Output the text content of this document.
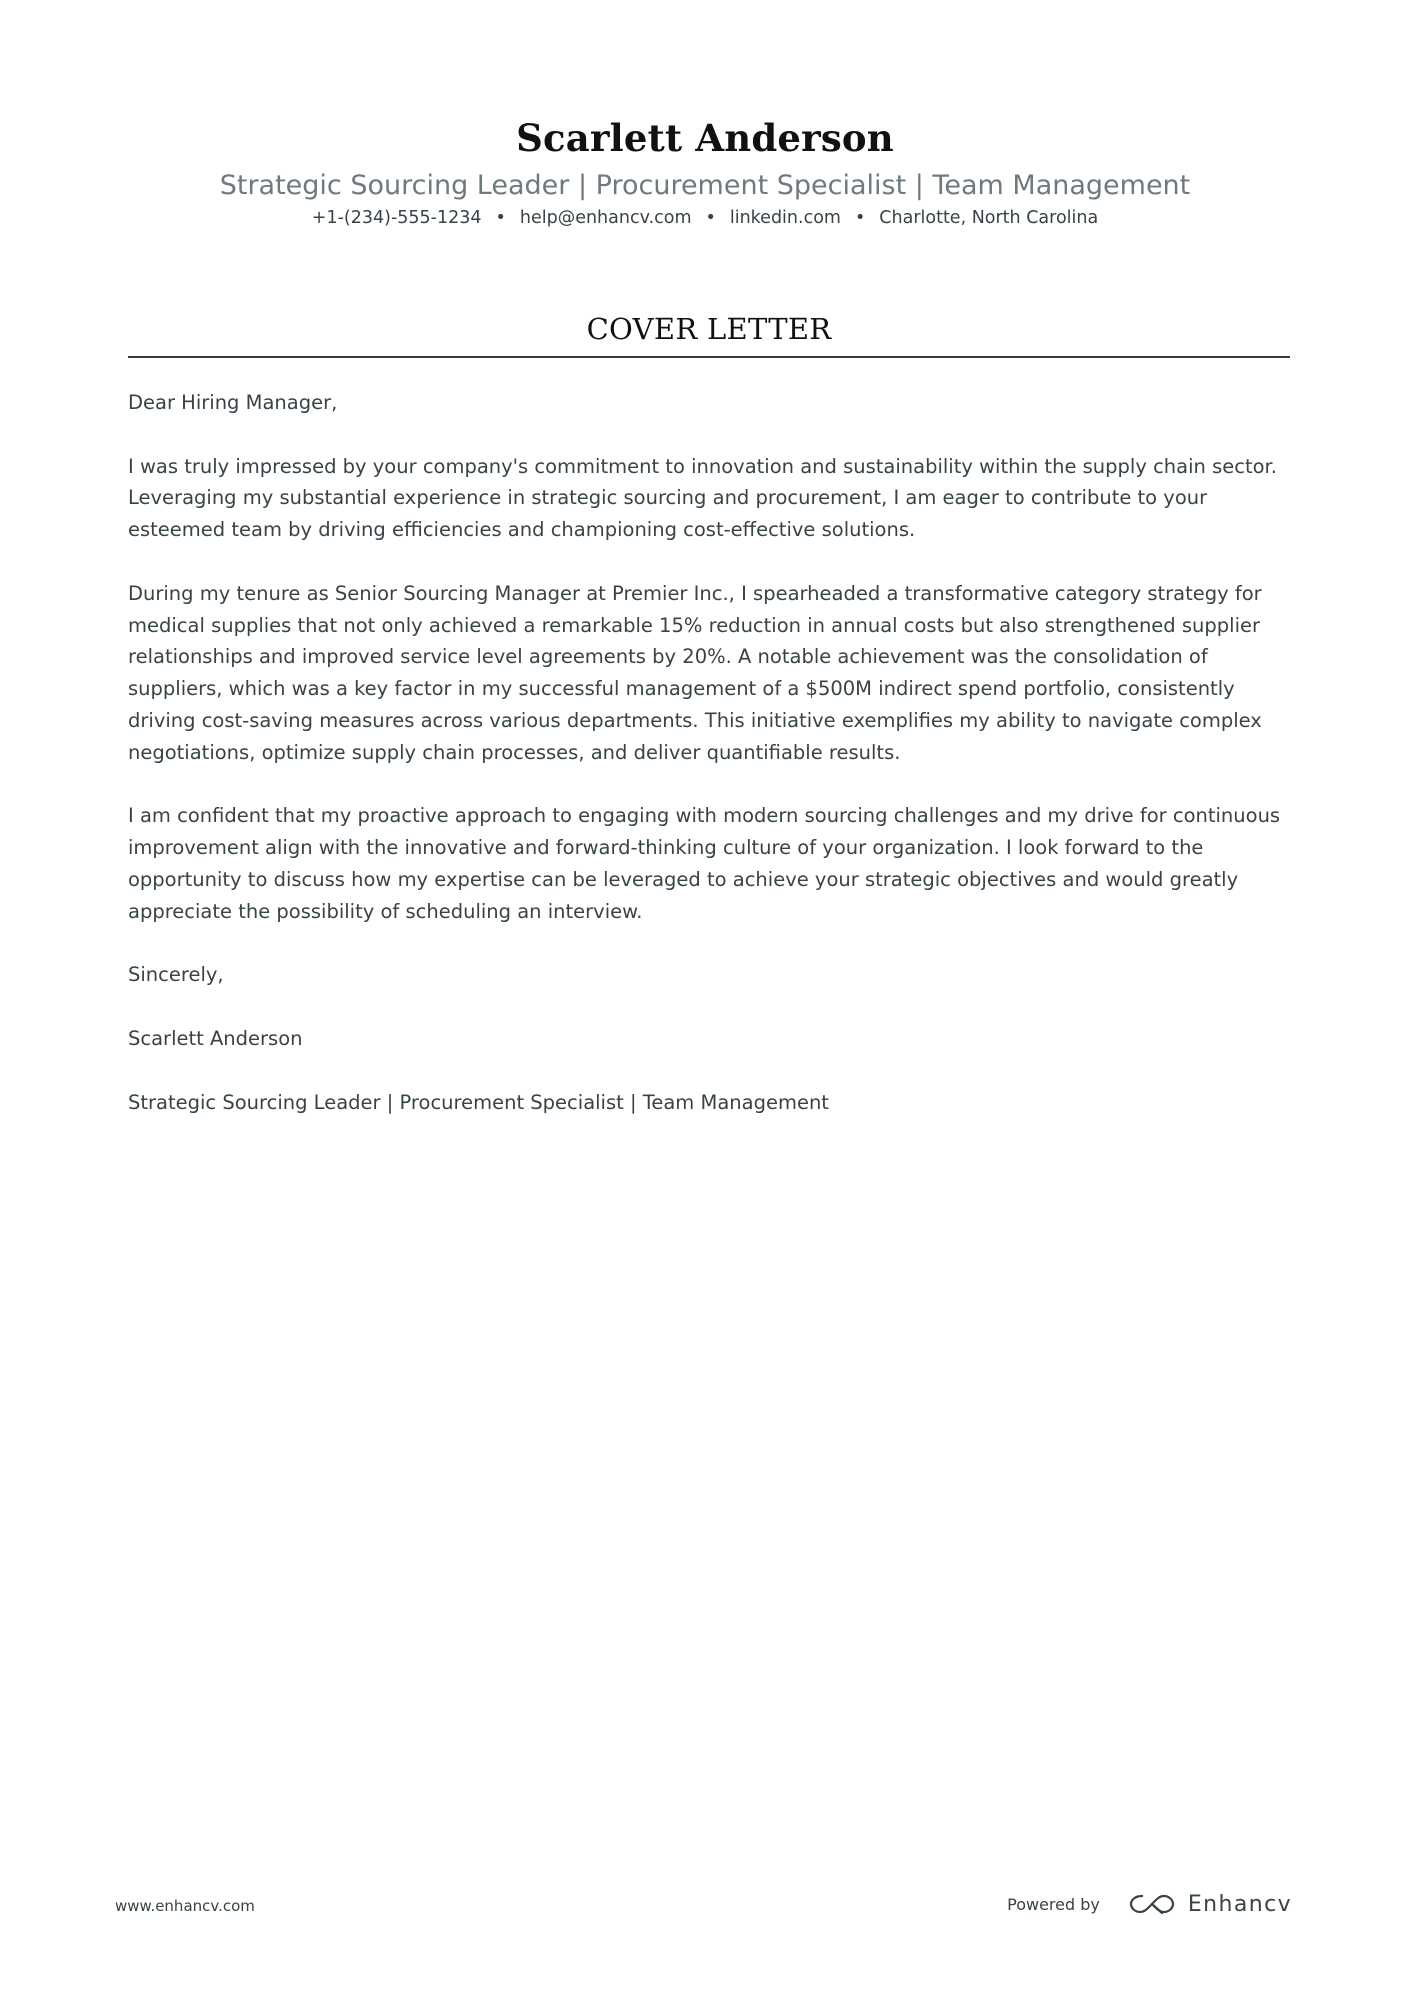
Scarlett Anderson
Strategic Sourcing Leader | Procurement Specialist | Team Management
+1-(234)-555-1234 • help@enhancv.com • linkedin.com • Charlotte, North Carolina
COVER LETTER

Dear Hiring Manager,

I was truly impressed by your company's commitment to innovation and sustainability within the supply chain sector. Leveraging my substantial experience in strategic sourcing and procurement, I am eager to contribute to your esteemed team by driving efficiencies and championing cost-effective solutions.

During my tenure as Senior Sourcing Manager at Premier Inc., I spearheaded a transformative category strategy for medical supplies that not only achieved a remarkable 15% reduction in annual costs but also strengthened supplier relationships and improved service level agreements by 20%. A notable achievement was the consolidation of suppliers, which was a key factor in my successful management of a $500M indirect spend portfolio, consistently driving cost-saving measures across various departments. This initiative exemplifies my ability to navigate complex negotiations, optimize supply chain processes, and deliver quantifiable results.

I am confident that my proactive approach to engaging with modern sourcing challenges and my drive for continuous improvement align with the innovative and forward-thinking culture of your organization. I look forward to the opportunity to discuss how my expertise can be leveraged to achieve your strategic objectives and would greatly appreciate the possibility of scheduling an interview.

Sincerely,

Scarlett Anderson

Strategic Sourcing Leader | Procurement Specialist | Team Management

www.enhancv.com	Powered by	Enhancv
